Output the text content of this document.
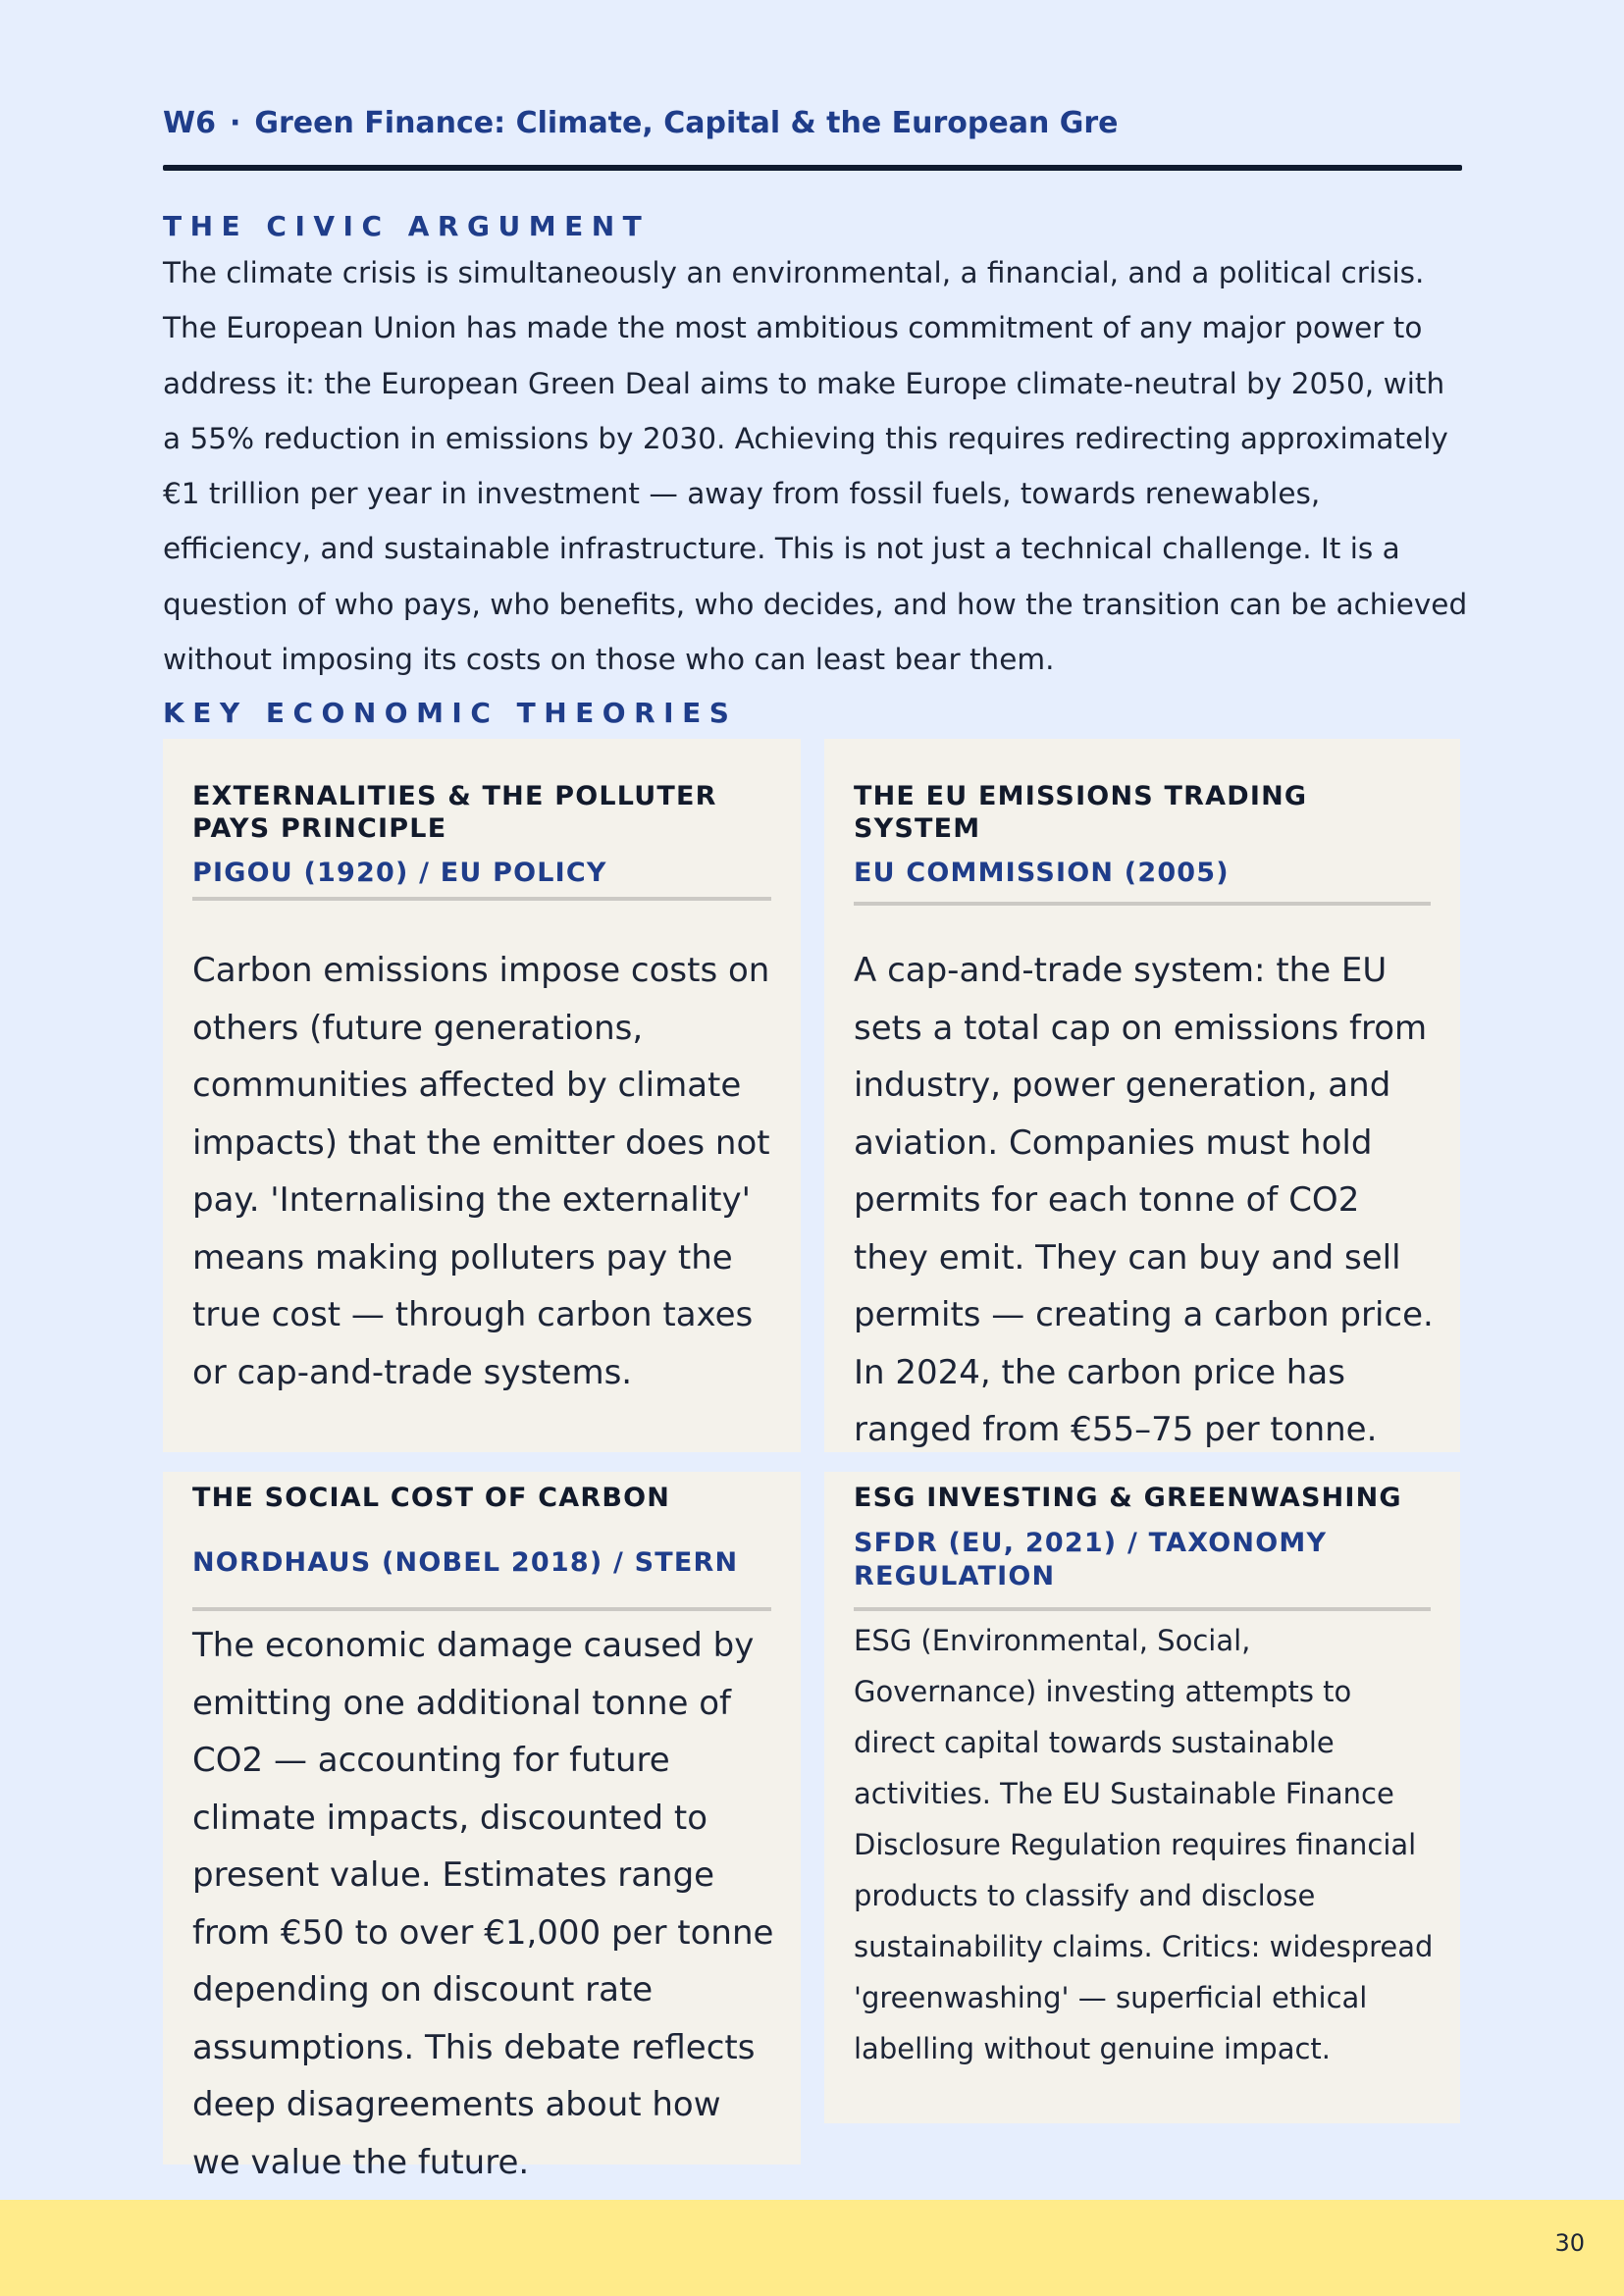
W6 · Green Finance: Climate, Capital & the European Gre
THE CIVIC ARGUMENT

The climate crisis is simultaneously an environmental, a financial, and a political crisis. The European Union has made the most ambitious commitment of any major power to address it: the European Green Deal aims to make Europe climate-neutral by 2050, with a 55% reduction in emissions by 2030. Achieving this requires redirecting approximately €1 trillion per year in investment — away from fossil fuels, towards renewables, efficiency, and sustainable infrastructure. This is not just a technical challenge. It is a question of who pays, who benefits, who decides, and how the transition can be achieved without imposing its costs on those who can least bear them.

KEY ECONOMIC THEORIES
EXTERNALITIES & THE POLLUTER PAYS PRINCIPLE
PIGOU (1920) / EU POLICY

Carbon emissions impose costs on others (future generations, communities affected by climate impacts) that the emitter does not pay. 'Internalising the externality' means making polluters pay the true cost — through carbon taxes or cap-and-trade systems.

THE EU EMISSIONS TRADING SYSTEM
EU COMMISSION (2005)

A cap-and-trade system: the EU sets a total cap on emissions from industry, power generation, and aviation. Companies must hold permits for each tonne of CO2 they emit. They can buy and sell permits — creating a carbon price. In 2024, the carbon price has ranged from €55–75 per tonne.

THE SOCIAL COST OF CARBON
NORDHAUS (NOBEL 2018) / STERN

The economic damage caused by emitting one additional tonne of CO2 — accounting for future climate impacts, discounted to present value. Estimates range from €50 to over €1,000 per tonne depending on discount rate assumptions. This debate reflects deep disagreements about how we value the future.

ESG INVESTING & GREENWASHING
SFDR (EU, 2021) / TAXONOMY REGULATION

ESG (Environmental, Social, Governance) investing attempts to direct capital towards sustainable activities. The EU Sustainable Finance Disclosure Regulation requires financial products to classify and disclose sustainability claims. Critics: widespread 'greenwashing' — superficial ethical labelling without genuine impact.

30
